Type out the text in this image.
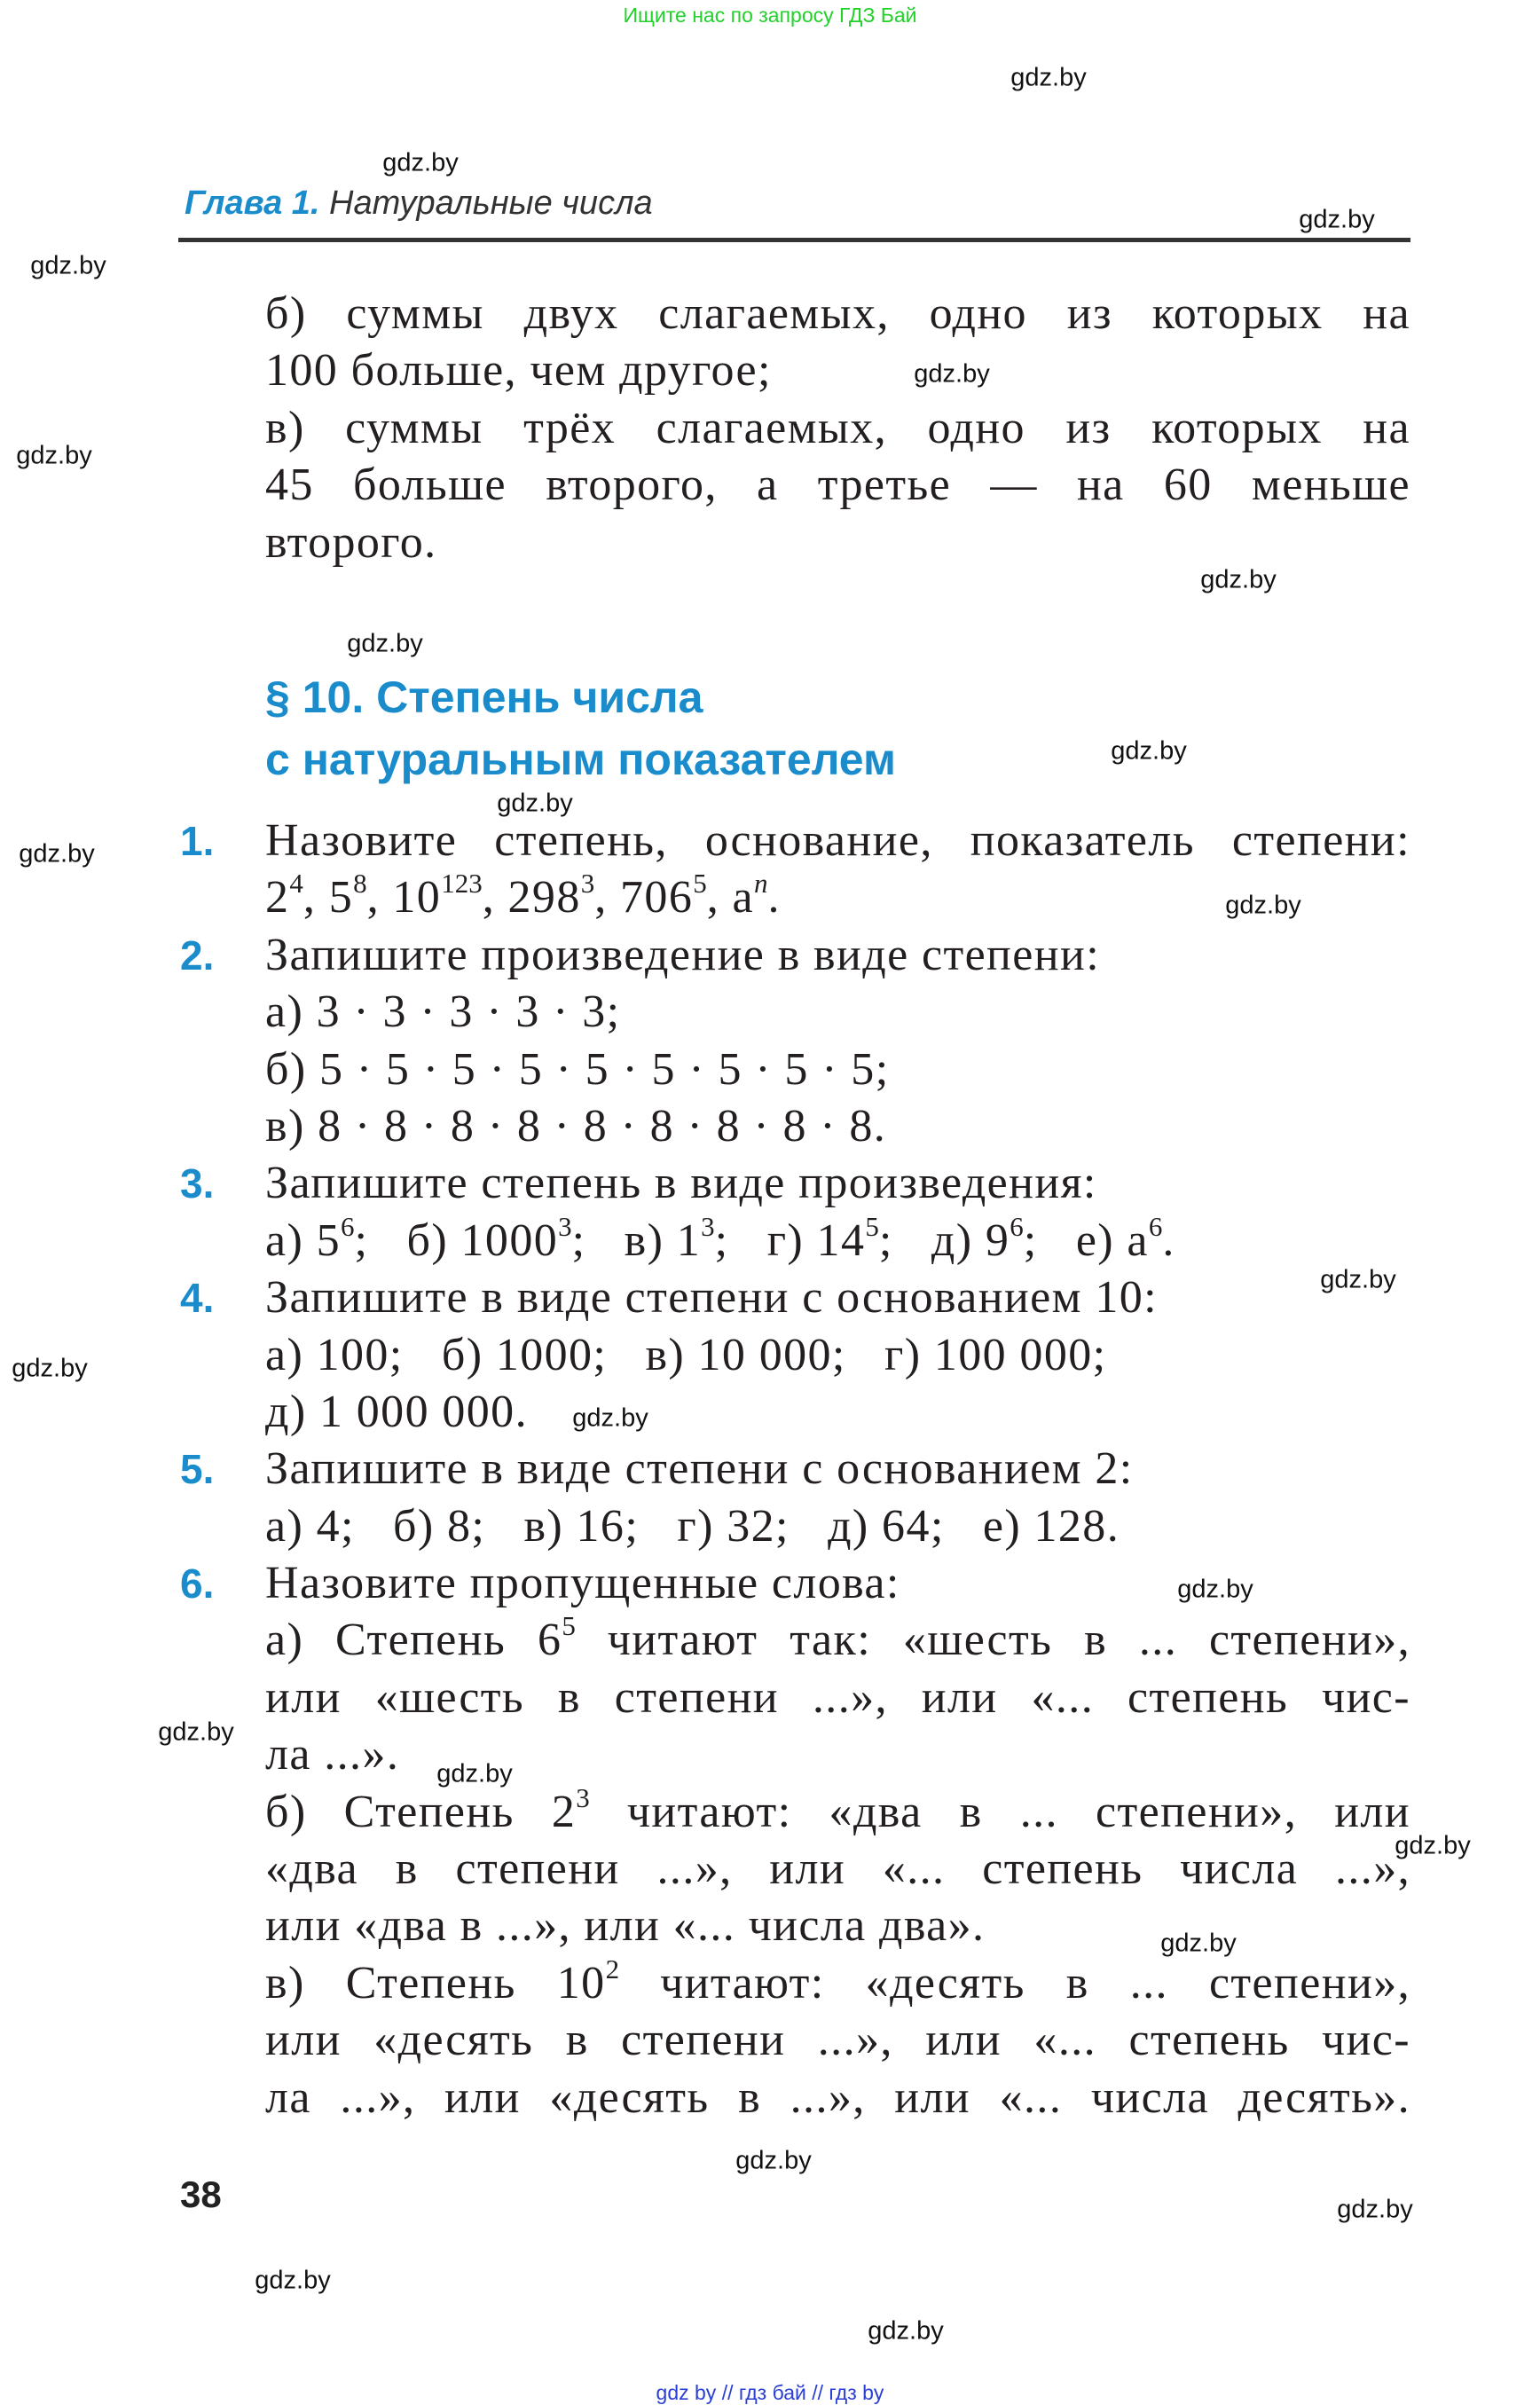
Ищите нас по запросу ГДЗ Бай
Глава 1. Натуральные числа
б) суммы двух слагаемых, одно из которых на
100 больше, чем другое;
в) суммы трёх слагаемых, одно из которых на
45 больше второго, а третье — на 60 меньше
второго.
§ 10. Степень числа
с натуральным показателем
Назовите степень, основание, показатель степени:
1.
$2^4$, $5^8$, $10^{123}$, $298^3$, $706^5$, $a^n$.
Запишите произведение в виде степени:
2.
а) 3 · 3 · 3 · 3 · 3;
б) 5 · 5 · 5 · 5 · 5 · 5 · 5 · 5 · 5;
в) 8 · 8 · 8 · 8 · 8 · 8 · 8 · 8 · 8.
Запишите степень в виде произведения:
3.
а) $5^6$;   б) 1000$^3$;   в) $1^3$;   г) $14^5$;   д) $9^6$;   е) $a^6$.
Запишите в виде степени с основанием 10:
4.
а) 100;   б) 1000;   в) 10 000;   г) 100 000;
д) 1 000 000.
Запишите в виде степени с основанием 2:
5.
а) 4;   б) 8;   в) 16;   г) 32;   д) 64;   е) 128.
Назовите пропущенные слова:
6.
а) Степень $6^5$ читают так: «шесть в ... степени»,
или «шесть в степени ...», или «... степень чис-
ла ...».
б) Степень $2^3$ читают: «два в ... степени», или
«два в степени ...», или «... степень числа ...»,
или «два в ...», или «... числа два».
в) Степень $10^2$ читают: «десять в ... степени»,
или «десять в степени ...», или «... степень чис-
ла ...», или «десять в ...», или «... числа десять».
38
gdz by // гдз бай // гдз by
gdz.by
gdz.by
gdz.by
gdz.by
gdz.by
gdz.by
gdz.by
gdz.by
gdz.by
gdz.by
gdz.by
gdz.by
gdz.by
gdz.by
gdz.by
gdz.by
gdz.by
gdz.by
gdz.by
gdz.by
gdz.by
gdz.by
gdz.by
gdz.by
